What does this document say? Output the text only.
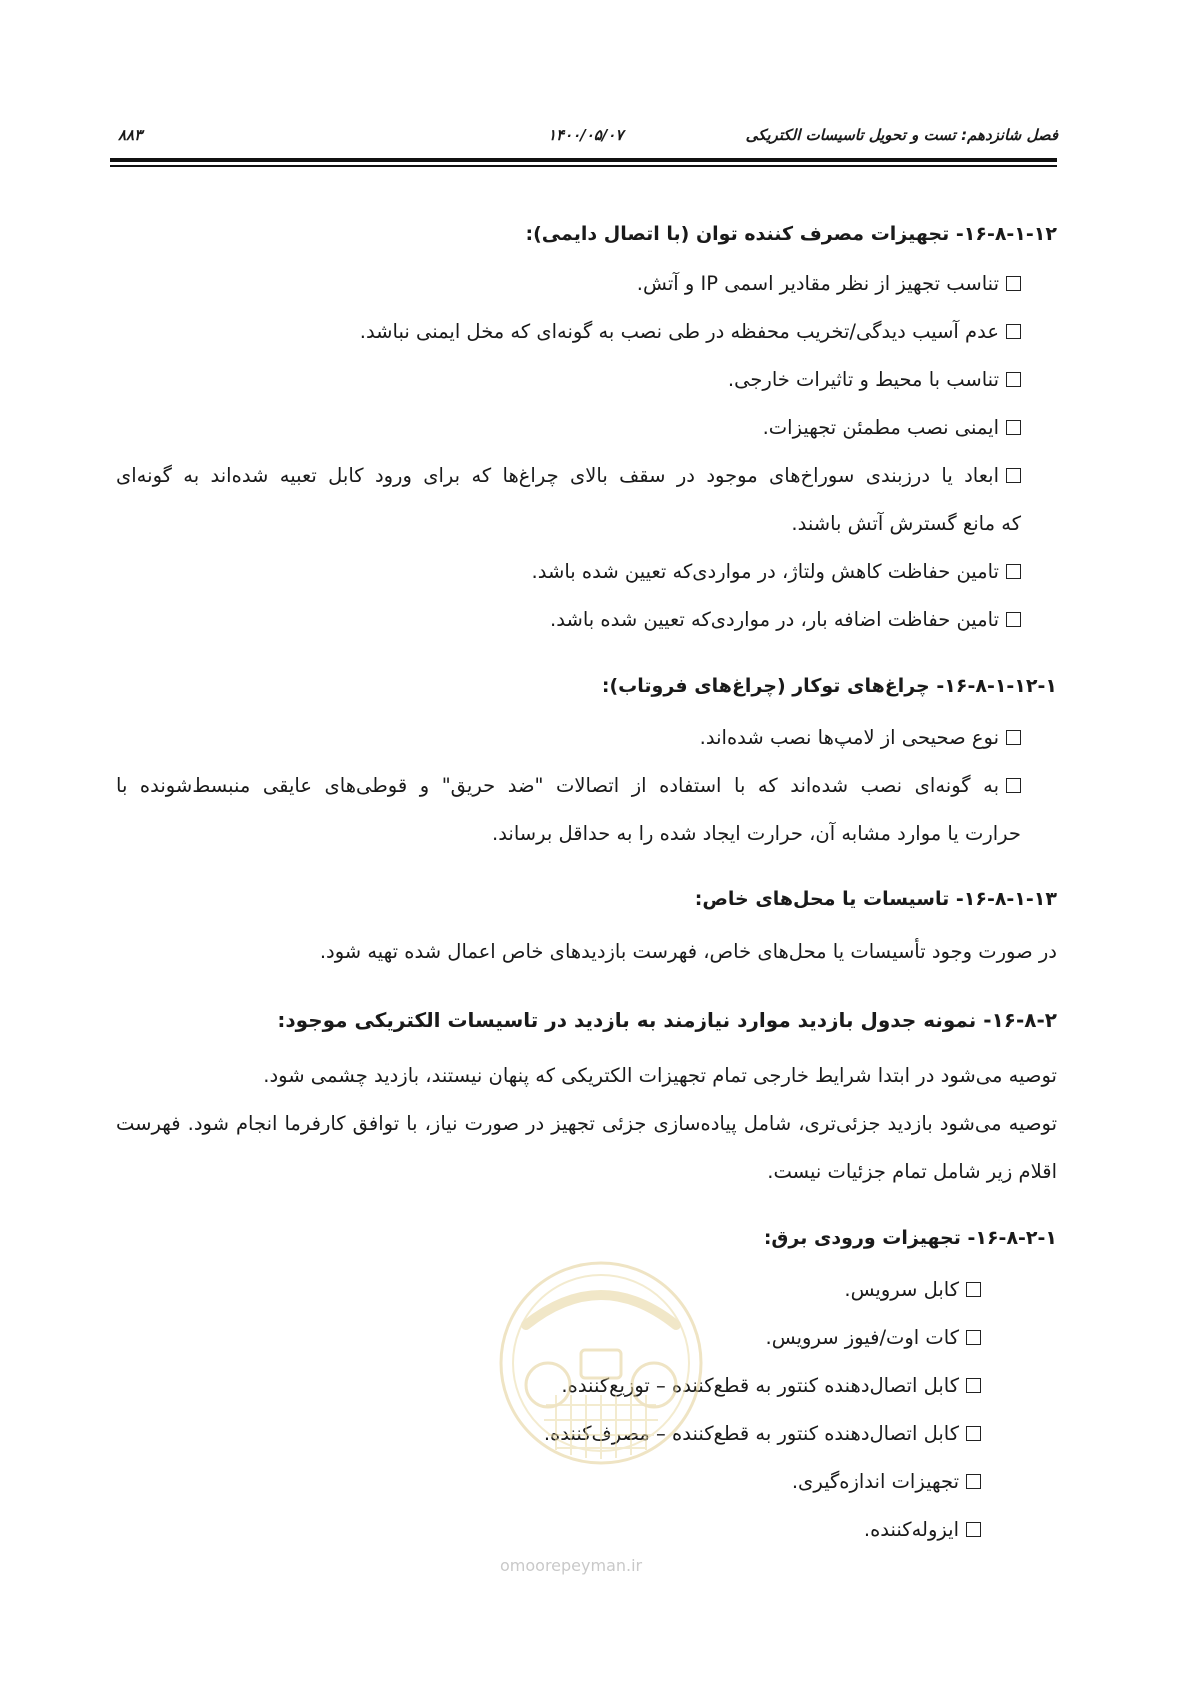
فصل شانزدهم: تست و تحویل تاسیسات الکتریکی
۱۴۰۰/۰۵/۰۷
۸۸۳
۱۶-۸-۱-۱۲- تجهیزات مصرف کننده توان (با اتصال دایمی):
تناسب تجهیز از نظر مقادیر اسمی IP و آتش.
عدم آسیب دیدگی/تخریب محفظه در طی نصب به گونه‌ای که مخل ایمنی نباشد.
تناسب با محیط و تاثیرات خارجی.
ایمنی نصب مطمئن تجهیزات.
ابعاد یا درزبندی سوراخ‌های موجود در سقف بالای چراغ‌ها که برای ورود کابل تعبیه شده‌اند به گونه‌ای
که مانع گسترش آتش باشند.
تامین حفاظت کاهش ولتاژ، در مواردی‌که تعیین شده باشد.
تامین حفاظت اضافه بار، در مواردی‌که تعیین شده باشد.
۱۶-۸-۱-۱۲-۱- چراغ‌های توکار (چراغ‌های فروتاب):
نوع صحیحی از لامپ‌ها نصب شده‌اند.
به گونه‌ای نصب شده‌اند که با استفاده از اتصالات "ضد حریق" و قوطی‌های عایقی منبسط‌شونده با
حرارت یا موارد مشابه آن، حرارت ایجاد شده را به حداقل برساند.
۱۶-۸-۱-۱۳- تاسیسات یا محل‌های خاص:
در صورت وجود تأسیسات یا محل‌های خاص، فهرست بازدیدهای خاص اعمال شده تهیه شود.
۱۶-۸-۲- نمونه جدول بازدید موارد نیازمند به بازدید در تاسیسات الکتریکی موجود:
توصیه می‌شود در ابتدا شرایط خارجی تمام تجهیزات الکتریکی که پنهان نیستند، بازدید چشمی شود.
توصیه می‌شود بازدید جزئی‌تری، شامل پیاده‌سازی جزئی تجهیز در صورت نیاز، با توافق کارفرما انجام شود. فهرست
اقلام زیر شامل تمام جزئیات نیست.
۱۶-۸-۲-۱- تجهیزات ورودی برق:
کابل سرویس.
کات اوت/فیوز سرویس.
کابل اتصال‌دهنده کنتور به قطع‌کننده – توزیع‌کننده.
کابل اتصال‌دهنده کنتور به قطع‌کننده – مصرف‌کننده.
تجهیزات اندازه‌گیری.
ایزوله‌کننده.
omoorepeyman.ir
